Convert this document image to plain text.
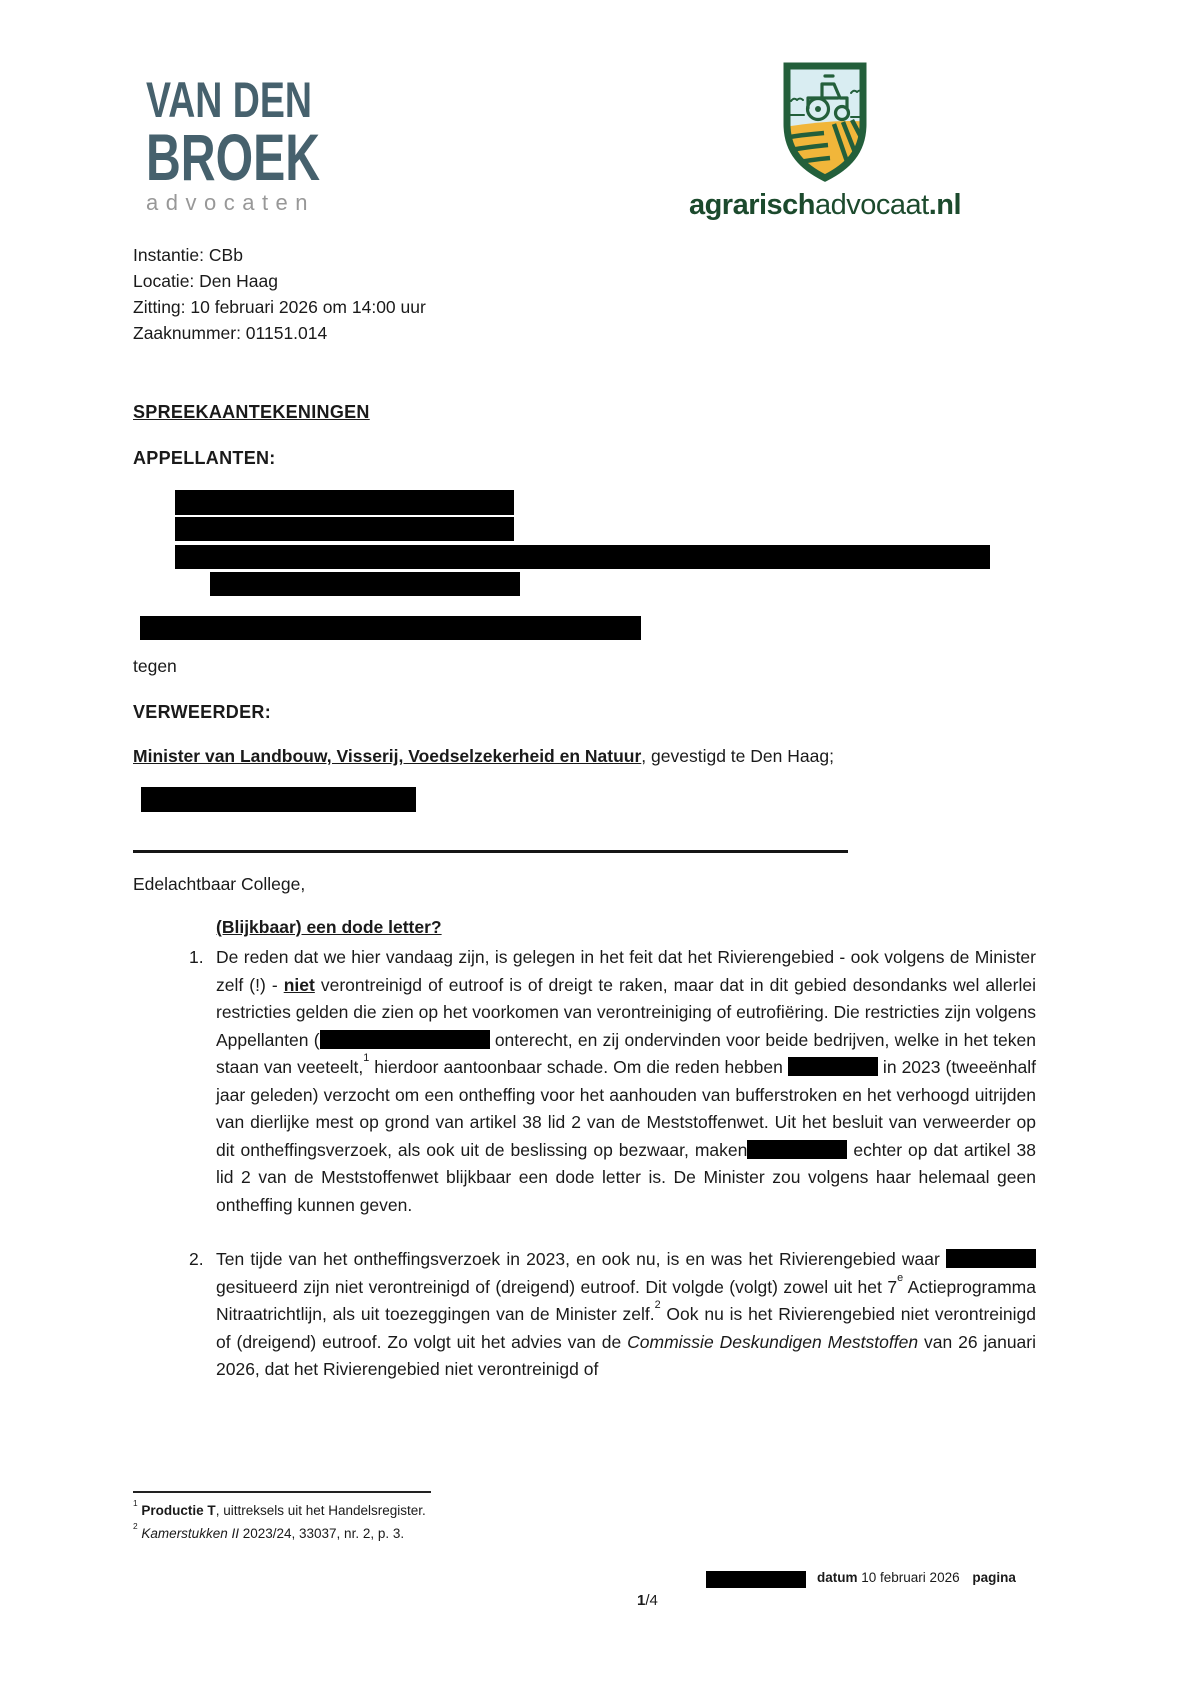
VAN DEN
BROEK
advocaten	agrarischadvocaat.nl
Instantie: CBb
Locatie: Den Haag
Zitting: 10 februari 2026 om 14:00 uur
Zaaknummer: 01151.014
SPREEKAANTEKENINGEN
APPELLANTEN:
tegen
VERWEERDER:
Minister van Landbouw, Visserij, Voedselzekerheid en Natuur, gevestigd te Den Haag;
Edelachtbaar College,
(Blijkbaar) een dode letter?
1. De reden dat we hier vandaag zijn, is gelegen in het feit dat het Rivierengebied - ook volgens de Minister zelf (!) - niet verontreinigd of eutroof is of dreigt te raken, maar dat in dit gebied desondanks wel allerlei restricties gelden die zien op het voorkomen van verontreiniging of eutrofiëring. Die restricties zijn volgens Appellanten (	onterecht, en zij ondervinden voor beide bedrijven, welke in het teken staan van veeteelt,$^1$ hierdoor aantoonbaar schade. Om die reden hebben	in 2023 (tweeënhalf jaar geleden) verzocht om een ontheffing voor het aanhouden van bufferstroken en het verhoogd uitrijden van dierlijke mest op grond van artikel 38 lid 2 van de Meststoffenwet. Uit het besluit van verweerder op dit ontheffingsverzoek, als ook uit de beslissing op bezwaar, maken	echter op dat artikel 38 lid 2 van de Meststoffenwet blijkbaar een dode letter is. De Minister zou volgens haar helemaal geen ontheffing kunnen geven.
2. Ten tijde van het ontheffingsverzoek in 2023, en ook nu, is en was het Rivierengebied waar  gesitueerd zijn niet verontreinigd of (dreigend) eutroof. Dit volgde (volgt) zowel uit het 7e Actieprogramma Nitraatrichtlijn, als uit toezeggingen van de Minister zelf.$^2$ Ook nu is het Rivierengebied niet verontreinigd of (dreigend) eutroof. Zo volgt uit het advies van de Commissie Deskundigen Meststoffen van 26 januari 2026, dat het Rivierengebied niet verontreinigd of
$^1$ Productie T, uittreksels uit het Handelsregister.
$^2$ Kamerstukken II 2023/24, 33037, nr. 2, p. 3.
datum 10 februari 2026 pagina
1/4
